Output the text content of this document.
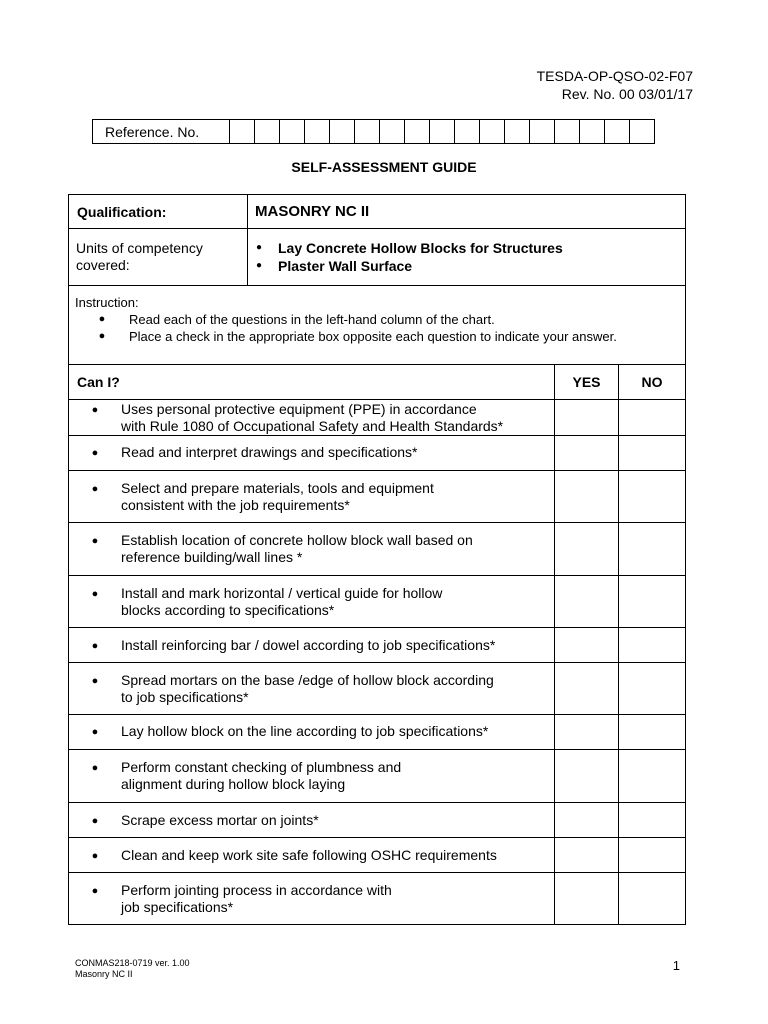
TESDA-OP-QSO-02-F07
Rev. No. 00 03/01/17
Reference. No.																	
SELF-ASSESSMENT GUIDE
Qualification:	MASONRY NC II		
Units of competency covered:	● Lay Concrete Hollow Blocks for Structures
● Plaster Wall Surface		

Instruction:
● Read each of the questions in the left-hand column of the chart.
● Place a check in the appropriate box opposite each question to indicate your answer.			

Can I?		YES	NO

● Uses personal protective equipment (PPE) in accordance
with Rule 1080 of Occupational Safety and Health Standards*			

● Read and interpret drawings and specifications*			

● Select and prepare materials, tools and equipment
consistent with the job requirements*			

● Establish location of concrete hollow block wall based on
reference building/wall lines *			

● Install and mark horizontal / vertical guide for hollow
blocks according to specifications*			

● Install reinforcing bar / dowel according to job specifications*			

● Spread mortars on the base /edge of hollow block according
to job specifications*			

● Lay hollow block on the line according to job specifications*			

● Perform constant checking of plumbness and
alignment during hollow block laying			

● Scrape excess mortar on joints*			

● Clean and keep work site safe following OSHC requirements			

● Perform jointing process in accordance with
job specifications*			

CONMAS218-0719 ver. 1.00
Masonry NC II
1
